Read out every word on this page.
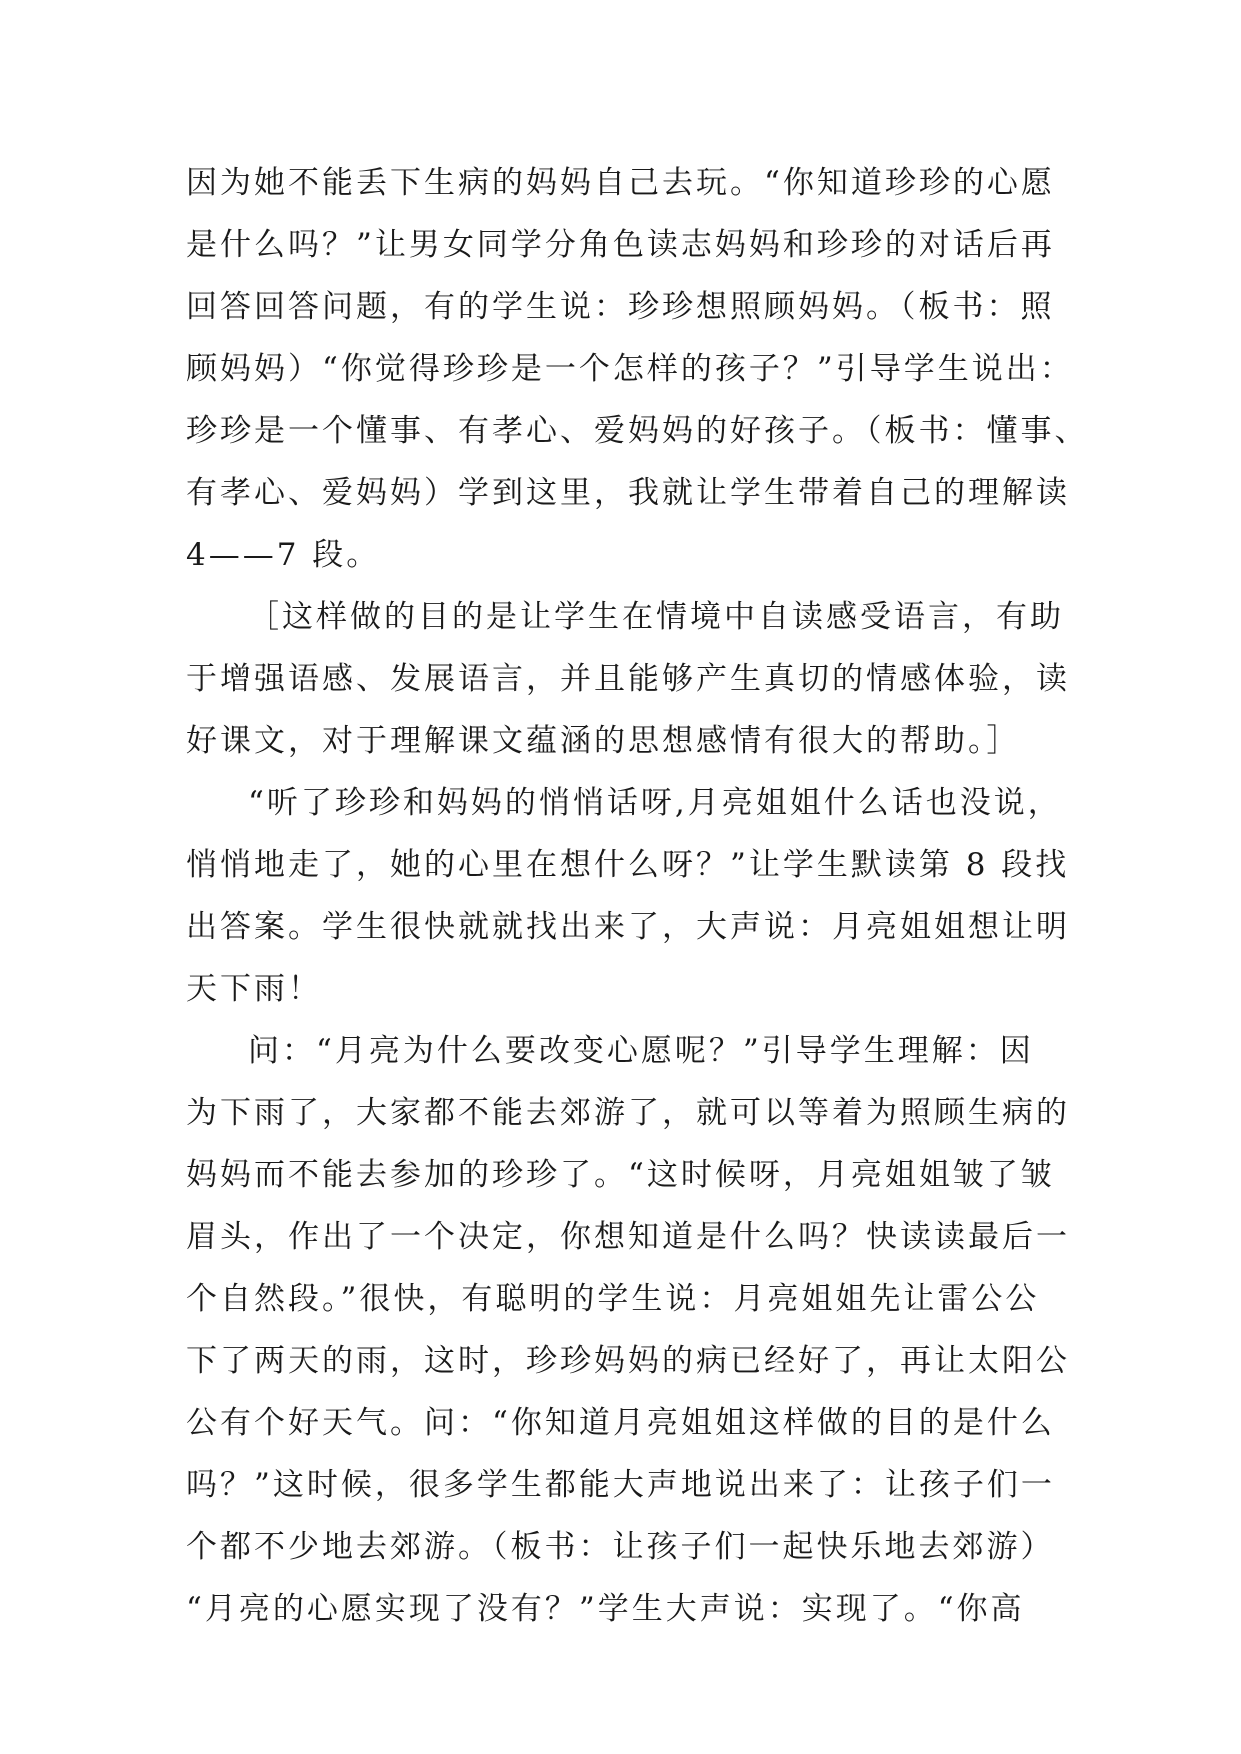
因为她不能丢下生病的妈妈自己去玩。“你知道珍珍的心愿
是什么吗？”让男女同学分角色读志妈妈和珍珍的对话后再
回答回答问题，有的学生说：珍珍想照顾妈妈。（板书：照
顾妈妈）“你觉得珍珍是一个怎样的孩子？”引导学生说出：
珍珍是一个懂事、有孝心、爱妈妈的好孩子。（板书：懂事、
有孝心、爱妈妈）学到这里，我就让学生带着自己的理解读
4——7 段。
［这样做的目的是让学生在情境中自读感受语言，有助
于增强语感、发展语言，并且能够产生真切的情感体验，读
好课文，对于理解课文蕴涵的思想感情有很大的帮助。］
“听了珍珍和妈妈的悄悄话呀,月亮姐姐什么话也没说，
悄悄地走了，她的心里在想什么呀？”让学生默读第 8 段找
出答案。学生很快就就找出来了，大声说：月亮姐姐想让明
天下雨！
问：“月亮为什么要改变心愿呢？”引导学生理解：因
为下雨了，大家都不能去郊游了，就可以等着为照顾生病的
妈妈而不能去参加的珍珍了。“这时候呀，月亮姐姐皱了皱
眉头，作出了一个决定，你想知道是什么吗？快读读最后一
个自然段。”很快，有聪明的学生说：月亮姐姐先让雷公公
下了两天的雨，这时，珍珍妈妈的病已经好了，再让太阳公
公有个好天气。问：“你知道月亮姐姐这样做的目的是什么
吗？”这时候，很多学生都能大声地说出来了：让孩子们一
个都不少地去郊游。（板书：让孩子们一起快乐地去郊游）
“月亮的心愿实现了没有？”学生大声说：实现了。“你高
